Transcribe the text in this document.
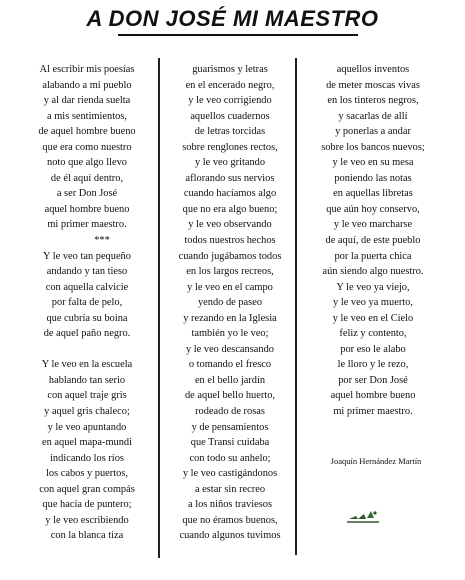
A DON JOSÉ MI MAESTRO
Al escribir mis poesías
alabando a mi pueblo
y al dar rienda suelta
a mis sentimientos,
de aquel hombre bueno
que era como nuestro
noto que algo llevo
de él aquí dentro,
a ser Don José
aquel hombre bueno
mi primer maestro.
***
Y le veo tan pequeño
andando y tan tieso
con aquella calvicie
por falta de pelo,
que cubría su boina
de aquel paño negro.
Y le veo en la escuela
hablando tan serio
con aquel traje gris
y aquel gris chaleco;
y le veo apuntando
en aquel mapa-mundi
indicando los ríos
los cabos y puertos,
con aquel gran compás
que hacía de puntero;
y le veo escribiendo
con la blanca tiza
guarismos y letras
en el encerado negro,
y le veo corrigiendo
aquellos cuadernos
de letras torcidas
sobre renglones rectos,
y le veo gritando
aflorando sus nervios
cuando hacíamos algo
que no era algo bueno;
y le veo observando
todos nuestros hechos
cuando jugábamos todos
en los largos recreos,
y le veo en el campo
yendo de paseo
y rezando en la Iglesia
también yo le veo;
y le veo descansando
o tomando el fresco
en el bello jardín
de aquel bello huerto,
rodeado de rosas
y de pensamientos
que Transi cuidaba
con todo su anhelo;
y le veo castigándonos
a estar sin recreo
a los niños traviesos
que no éramos buenos,
cuando algunos tuvimos
aquellos inventos
de meter moscas vivas
en los tinteros negros,
y sacarlas de allí
y ponerlas a andar
sobre los bancos nuevos;
y le veo en su mesa
poniendo las notas
en aquellas libretas
que aún hoy conservo,
y le veo marcharse
de aquí, de este pueblo
por la puerta chica
aún siendo algo nuestro.
Y le veo ya viejo,
y le veo ya muerto,
y le veo en el Cielo
feliz y contento,
por eso le alabo
le lloro y le rezo,
por ser Don José
aquel hombre bueno
mi primer maestro.
Joaquín Hernández Martín
